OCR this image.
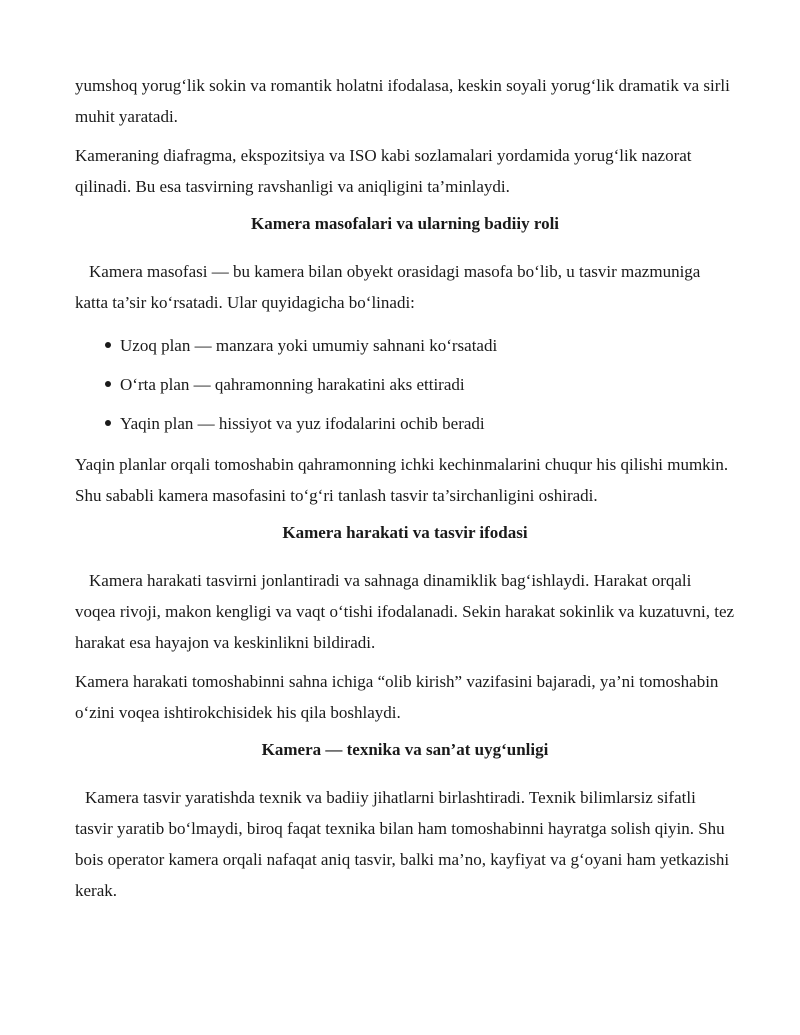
yumshoq yorug‘lik sokin va romantik holatni ifodalasa, keskin soyali yorug‘lik dramatik va sirli muhit yaratadi.

Kameraning diafragma, ekspozitsiya va ISO kabi sozlamalari yordamida yorug‘lik nazorat qilinadi. Bu esa tasvirning ravshanligi va aniqligini ta’minlaydi.

Kamera masofalari va ularning badiiy roli

Kamera masofasi — bu kamera bilan obyekt orasidagi masofa bo‘lib, u tasvir mazmuniga katta ta’sir ko‘rsatadi. Ular quyidagicha bo‘linadi:

Uzoq plan — manzara yoki umumiy sahnani ko‘rsatadi
O‘rta plan — qahramonning harakatini aks ettiradi
Yaqin plan — hissiyot va yuz ifodalarini ochib beradi

Yaqin planlar orqali tomoshabin qahramonning ichki kechinmalarini chuqur his qilishi mumkin. Shu sababli kamera masofasini to‘g‘ri tanlash tasvir ta’sirchanligini oshiradi.

Kamera harakati va tasvir ifodasi

Kamera harakati tasvirni jonlantiradi va sahnaga dinamiklik bag‘ishlaydi. Harakat orqali voqea rivoji, makon kengligi va vaqt o‘tishi ifodalanadi. Sekin harakat sokinlik va kuzatuvni, tez harakat esa hayajon va keskinlikni bildiradi.

Kamera harakati tomoshabinni sahna ichiga “olib kirish” vazifasini bajaradi, ya’ni tomoshabin o‘zini voqea ishtirokchisidek his qila boshlaydi.

Kamera — texnika va san’at uyg‘unligi

Kamera tasvir yaratishda texnik va badiiy jihatlarni birlashtiradi. Texnik bilimlarsiz sifatli tasvir yaratib bo‘lmaydi, biroq faqat texnika bilan ham tomoshabinni hayratga solish qiyin. Shu bois operator kamera orqali nafaqat aniq tasvir, balki ma’no, kayfiyat va g‘oyani ham yetkazishi kerak.
